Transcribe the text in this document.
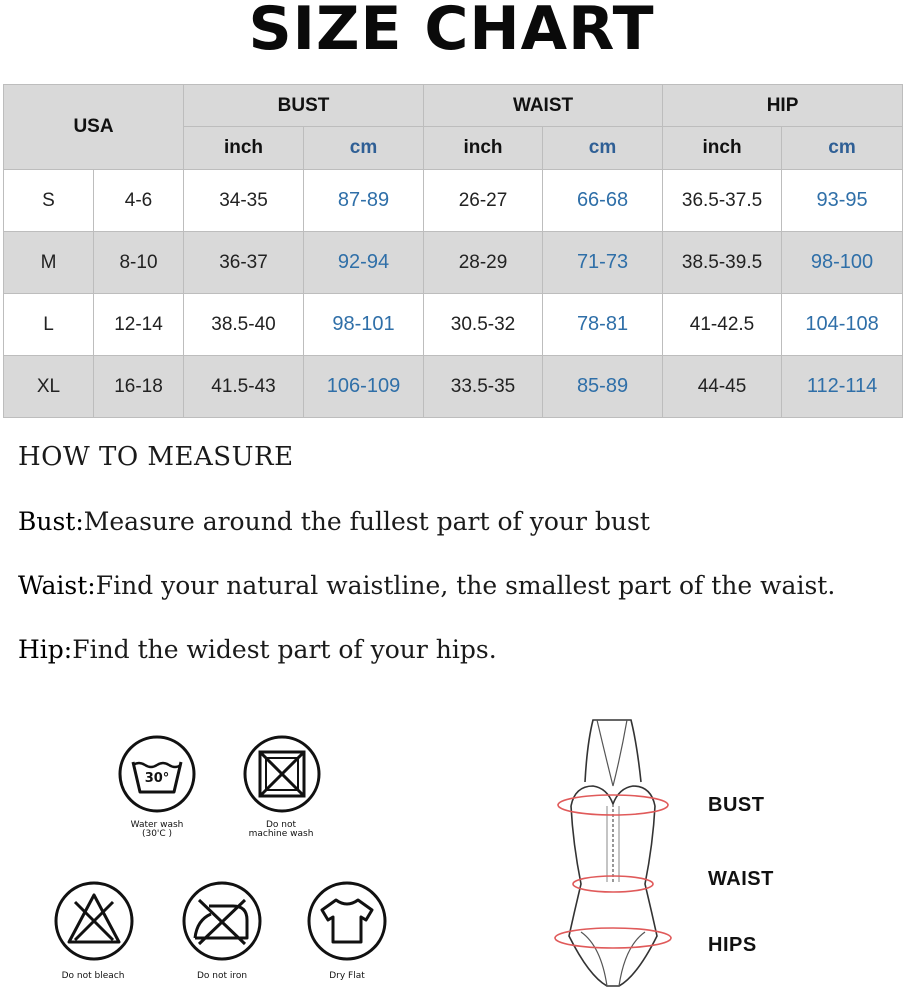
SIZE CHART
USA		BUST		WAIST		HIP	
		inch	cm	inch	cm	inch	cm
S	4-6	34-35	87-89	26-27	66-68	36.5-37.5	93-95
M	8-10	36-37	92-94	28-29	71-73	38.5-39.5	98-100
L	12-14	38.5-40	98-101	30.5-32	78-81	41-42.5	104-108
XL	16-18	41.5-43	106-109	33.5-35	85-89	44-45	112-114
HOW TO MEASURE
Bust:Measure around the fullest part of your bust
Waist:Find your natural waistline, the smallest part of the waist.
Hip:Find the widest part of your hips.
30°
Water wash
(30'C )
Do not
machine wash
Do not bleach	Do not iron	Dry Flat
BUST
WAIST
HIPS
